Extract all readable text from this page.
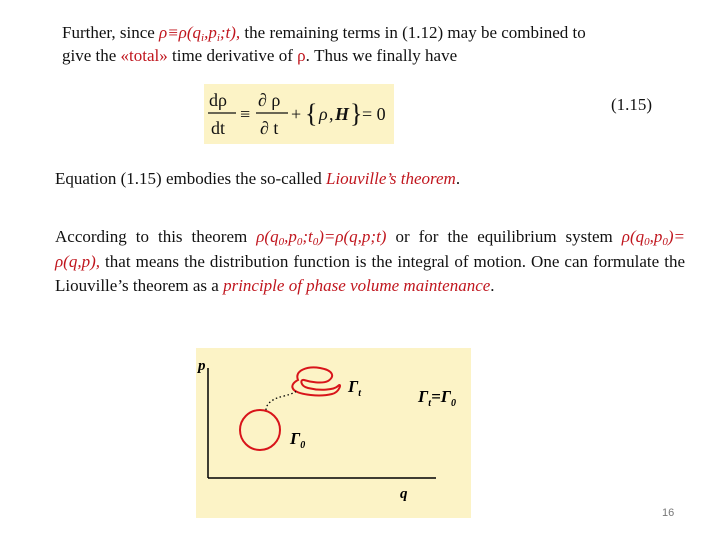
Further, since $\rho\equiv\rho(q_i,p_i;t)$, the remaining terms in (1.12) may be combined to
give the «total» time derivative of ρ. Thus we finally have
dρ
dt
≡
∂ ρ
∂ t
+ { ρ , H } = 0	(1.15)
Equation (1.15) embodies the so-called Liouville’s theorem.
According to this theorem $\rho(q_0,p_0;t_0)=\rho(q,p;t)$ or for the equilibrium system $\rho(q_0,p_0)= \rho(q,p)$, that means the distribution function is the integral of motion. One can formulate the Liouville’s theorem as a principle of phase volume maintenance.
p
q
$\Gamma_t$
$\Gamma_0$
$\Gamma_t=\Gamma_0$
16
